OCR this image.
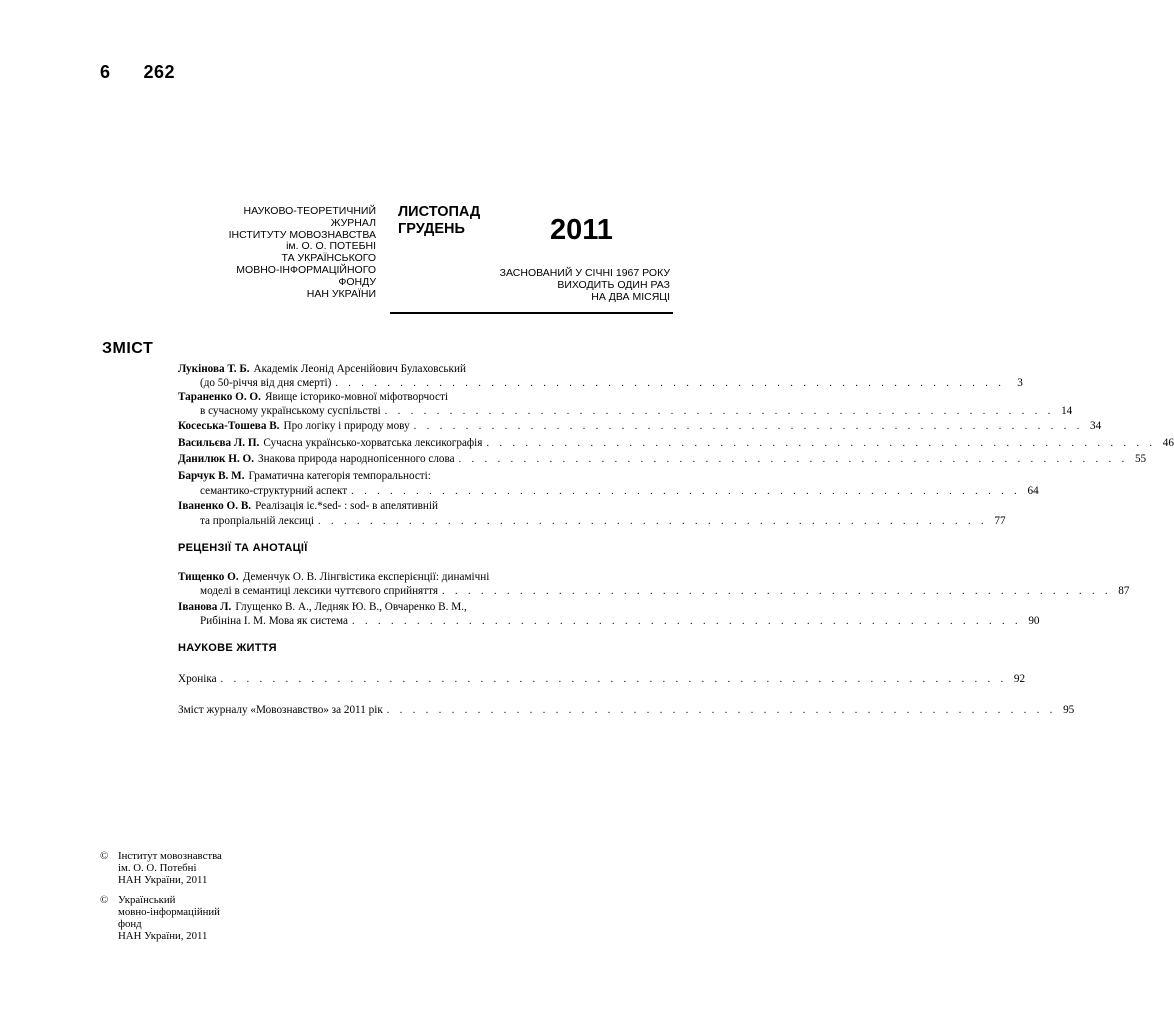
6      262
НАУКОВО-ТЕОРЕТИЧНИЙ
ЖУРНАЛ
ІНСТИТУТУ МОВОЗНАВСТВА
ім. О. О. ПОТЕБНІ
ТА УКРАЇНСЬКОГО
МОВНО-ІНФОРМАЦІЙНОГО
ФОНДУ
НАН УКРАЇНИ
ЛИСТОПАД
ГРУДЕНЬ	2011
ЗАСНОВАНИЙ У СІЧНІ 1967 РОКУ
ВИХОДИТЬ ОДИН РАЗ
НА ДВА МІСЯЦІ
ЗМІСТ
Лукінова Т. Б. Академік Леонід Арсенійович Булаховський
(до 50-річчя від дня смерті) . . . . . . . . . . . . . . . . . . . . . . . . . . . . . . . . . . . . . . . . . . . . . . . . . . . .	3
Тараненко О. О. Явище історико-мовної міфотворчості
в сучасному українському суспільстві . . . . . . . . . . . . . . . . . . . . . . . . . . . . . . . . . . . . . . . . . . . . . . . . . . . . 14
Косеська-Тошева В. Про логіку і природу мову . . . . . . . . . . . . . . . . . . . . . . . . . . . . . . . . . . . . . . . . . . . . . . . . . . . . 34
Васильєва Л. П. Сучасна українсько-хорватська лексикографія . . . . . . . . . . . . . . . . . . . . . . . . . . . . . . . . . . . . . . . . . . . . . . . . . . . . 46
Данилюк Н. О. Знакова природа народнопісенного слова . . . . . . . . . . . . . . . . . . . . . . . . . . . . . . . . . . . . . . . . . . . . . . . . . . . . 55
Барчук В. М. Граматична категорія темпоральності:
семантико-структурний аспект . . . . . . . . . . . . . . . . . . . . . . . . . . . . . . . . . . . . . . . . . . . . . . . . . . . . 64
Іваненко О. В. Реалізація іє.*sed- : sod- в апелятивній
та пропріальній лексиці . . . . . . . . . . . . . . . . . . . . . . . . . . . . . . . . . . . . . . . . . . . . . . . . . . . . 77
РЕЦЕНЗІЇ ТА АНОТАЦІЇ
Тищенко О. Деменчук О. В. Лінгвістика експерієнції: динамічні
моделі в семантиці лексики чуттєвого сприйняття . . . . . . . . . . . . . . . . . . . . . . . . . . . . . . . . . . . . . . . . . . . . . . . . . . . . 87
Іванова Л. Глущенко В. А., Ледняк Ю. В., Овчаренко В. М.,
Рибініна І. М. Мова як система . . . . . . . . . . . . . . . . . . . . . . . . . . . . . . . . . . . . . . . . . . . . . . . . . . . . 90
НАУКОВЕ ЖИТТЯ
Хроніка . . . . . . . . . . . . . . . . . . . . . . . . . . . . . . . . . . . . . . . . . . . . . . . . . . . . . . . . . . . . . 92
Зміст журналу «Мовознавство» за 2011 рік . . . . . . . . . . . . . . . . . . . . . . . . . . . . . . . . . . . . . . . . . . . . . . . . . . . . 95
© Інститут мовознавства
ім. О. О. Потебні
НАН України, 2011
© Український
мовно-інформаційний
фонд
НАН України, 2011
